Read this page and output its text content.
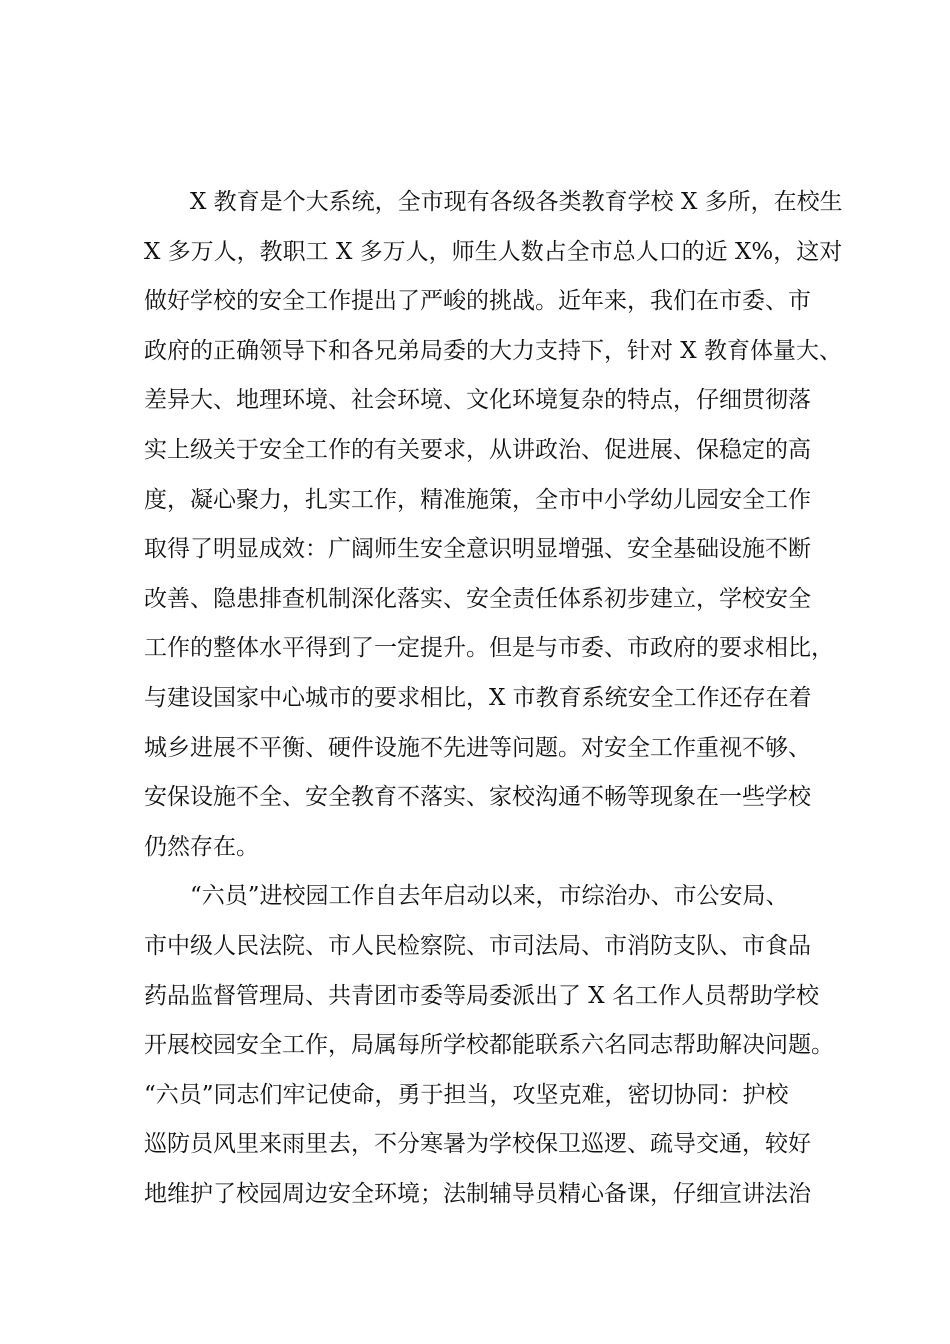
X 教育是个大系统，全市现有各级各类教育学校 X 多所，在校生
X 多万人，教职工 X 多万人，师生人数占全市总人口的近 X%，这对
做好学校的安全工作提出了严峻的挑战。近年来，我们在市委、市
政府的正确领导下和各兄弟局委的大力支持下，针对 X 教育体量大、
差异大、地理环境、社会环境、文化环境复杂的特点，仔细贯彻落
实上级关于安全工作的有关要求，从讲政治、促进展、保稳定的高
度，凝心聚力，扎实工作，精准施策，全市中小学幼儿园安全工作
取得了明显成效：广阔师生安全意识明显增强、安全基础设施不断
改善、隐患排查机制深化落实、安全责任体系初步建立，学校安全
工作的整体水平得到了一定提升。但是与市委、市政府的要求相比，
与建设国家中心城市的要求相比，X 市教育系统安全工作还存在着
城乡进展不平衡、硬件设施不先进等问题。对安全工作重视不够、
安保设施不全、安全教育不落实、家校沟通不畅等现象在一些学校
仍然存在。
“六员”进校园工作自去年启动以来，市综治办、市公安局、
市中级人民法院、市人民检察院、市司法局、市消防支队、市食品
药品监督管理局、共青团市委等局委派出了 X 名工作人员帮助学校
开展校园安全工作，局属每所学校都能联系六名同志帮助解决问题。
“六员”同志们牢记使命，勇于担当，攻坚克难，密切协同：护校
巡防员风里来雨里去，不分寒暑为学校保卫巡逻、疏导交通，较好
地维护了校园周边安全环境；法制辅导员精心备课，仔细宣讲法治
